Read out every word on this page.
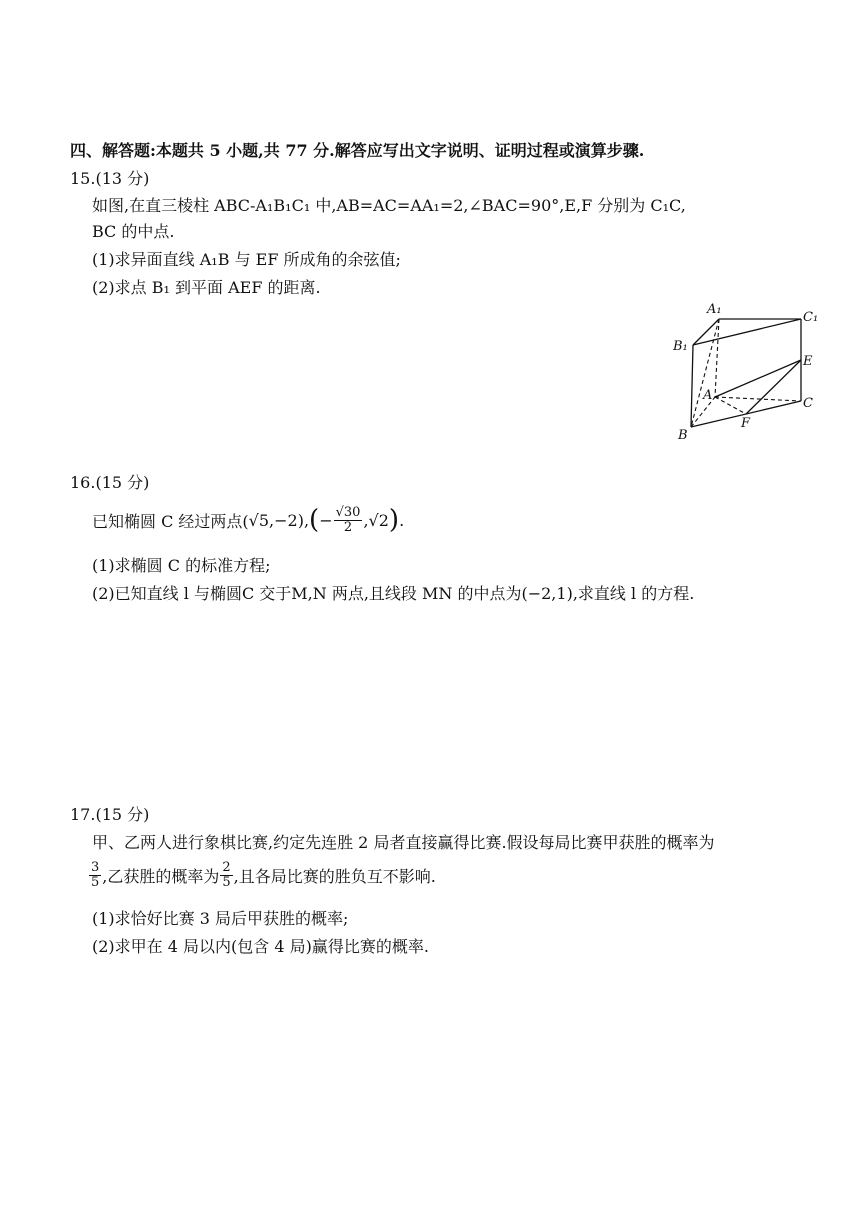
四、解答题:本题共 5 小题,共 77 分.解答应写出文字说明、证明过程或演算步骤.
15.(13 分)
如图,在直三棱柱 ABC-A₁B₁C₁ 中,AB=AC=AA₁=2,∠BAC=90°,E,F 分别为 C₁C,
BC 的中点.
(1)求异面直线 A₁B 与 EF 所成角的余弦值;
(2)求点 B₁ 到平面 AEF 的距离.
A₁
C₁
B₁
E
A
C
F
B
16.(15 分)
已知椭圆 C 经过两点( √5 ,−2), ( − $\frac{√30}{2} ,√2$ ) .
(1)求椭圆 C 的标准方程;
(2)已知直线 l 与椭圆C 交于M,N 两点,且线段 MN 的中点为(−2,1),求直线 l 的方程.
17.(15 分)
甲、乙两人进行象棋比赛,约定先连胜 2 局者直接赢得比赛.假设每局比赛甲获胜的概率为
$\frac{3}{5}$ ,乙获胜的概率为 $\frac{2}{5}$ ,且各局比赛的胜负互不影响.
(1)求恰好比赛 3 局后甲获胜的概率;
(2)求甲在 4 局以内(包含 4 局)赢得比赛的概率.
